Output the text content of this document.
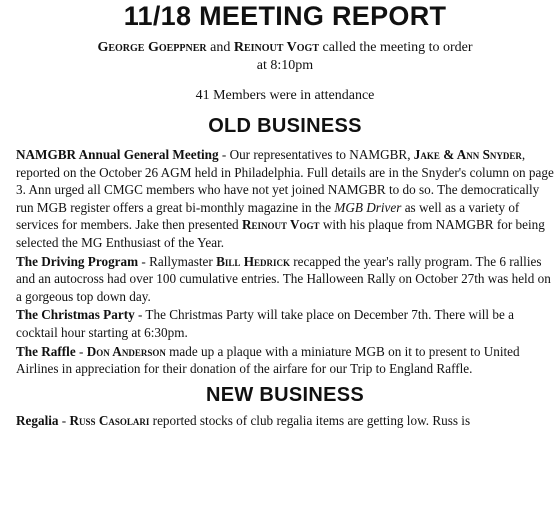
11/18 MEETING REPORT

George Goeppner and Reinout Vogt called the meeting to order

at 8:10pm

41 Members were in attendance

OLD BUSINESS

NAMGBR Annual General Meeting - Our representatives to NAMGBR, Jake & Ann Snyder, reported on the October 26 AGM held in Philadelphia. Full details are in the Snyder's column on page 3. Ann urged all CMGC members who have not yet joined NAMGBR to do so. The democratically run MGB register offers a great bi-monthly magazine in the MGB Driver as well as a variety of services for members. Jake then presented Reinout Vogt with his plaque from NAMGBR for being selected the MG Enthusiast of the Year.

The Driving Program - Rallymaster Bill Hedrick recapped the year's rally program. The 6 rallies and an autocross had over 100 cumulative entries. The Halloween Rally on October 27th was held on a gorgeous top down day.

The Christmas Party - The Christmas Party will take place on December 7th. There will be a cocktail hour starting at 6:30pm.

The Raffle - Don Anderson made up a plaque with a miniature MGB on it to present to United Airlines in appreciation for their donation of the airfare for our Trip to England Raffle.

NEW BUSINESS

Regalia - Russ Casolari reported stocks of club regalia items are getting low. Russ is
